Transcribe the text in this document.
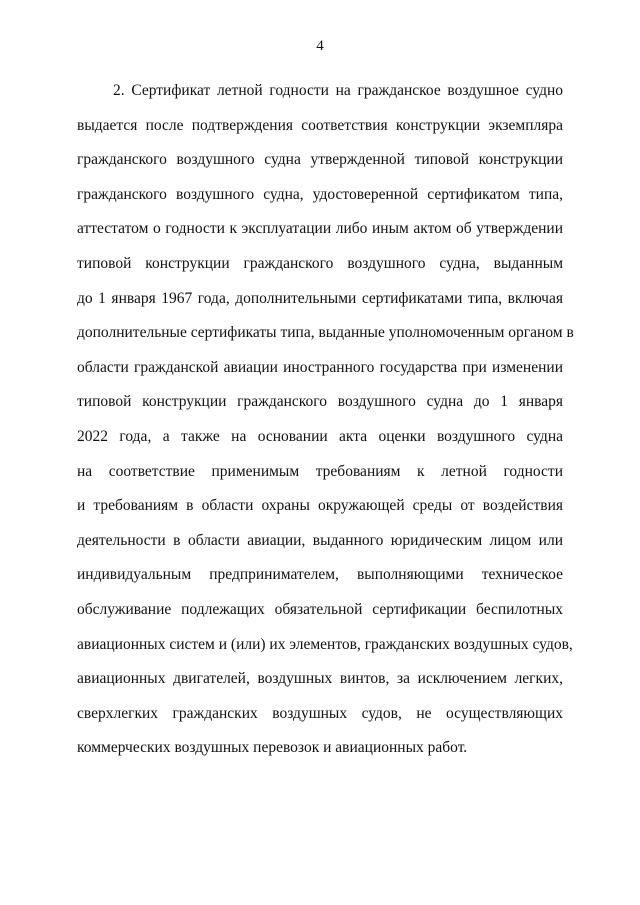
4
2. Сертификат летной годности на гражданское воздушное судно
выдается после подтверждения соответствия конструкции экземпляра
гражданского воздушного судна утвержденной типовой конструкции
гражданского воздушного судна, удостоверенной сертификатом типа,
аттестатом о годности к эксплуатации либо иным актом об утверждении
типовой конструкции гражданского воздушного судна, выданным
до 1 января 1967 года, дополнительными сертификатами типа, включая
дополнительные сертификаты типа, выданные уполномоченным органом в
области гражданской авиации иностранного государства при изменении
типовой конструкции гражданского воздушного судна до 1 января
2022 года, а также на основании акта оценки воздушного судна
на соответствие применимым требованиям к летной годности
и требованиям в области охраны окружающей среды от воздействия
деятельности в области авиации, выданного юридическим лицом или
индивидуальным предпринимателем, выполняющими техническое
обслуживание подлежащих обязательной сертификации беспилотных
авиационных систем и (или) их элементов, гражданских воздушных судов,
авиационных двигателей, воздушных винтов, за исключением легких,
сверхлегких гражданских воздушных судов, не осуществляющих
коммерческих воздушных перевозок и авиационных работ.
